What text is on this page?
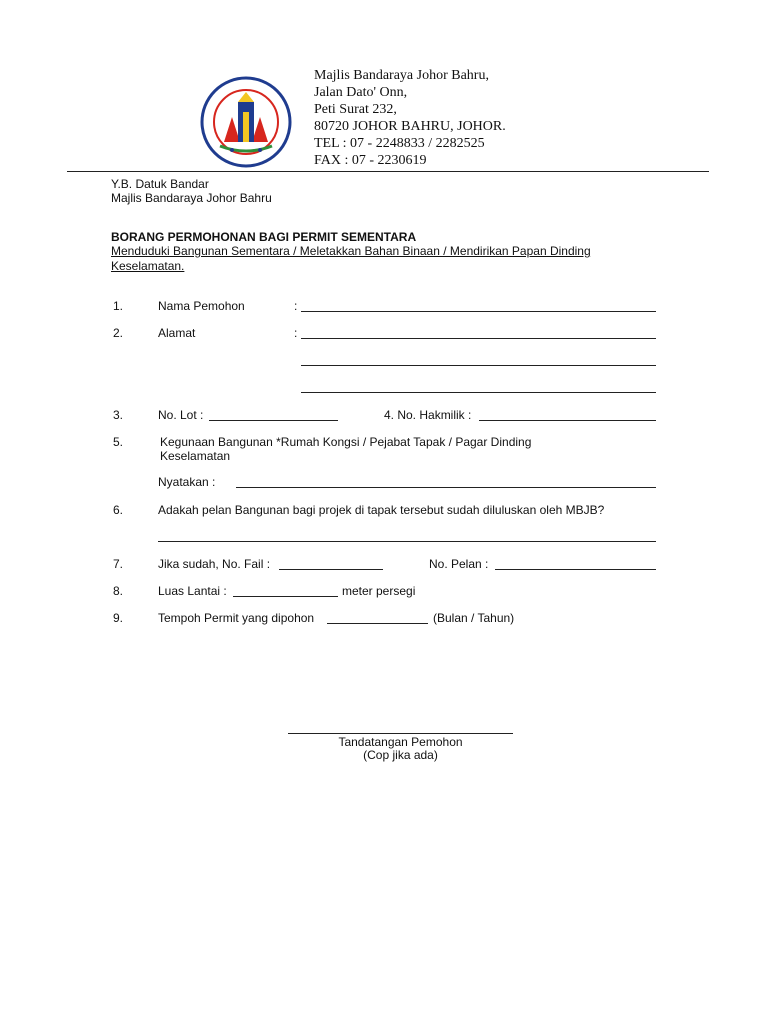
Majlis Bandaraya Johor Bahru,
Jalan Dato' Onn,
Peti Surat 232,
80720 JOHOR BAHRU, JOHOR.
TEL : 07 - 2248833 / 2282525
FAX : 07 - 2230619
Y.B. Datuk Bandar
Majlis Bandaraya Johor Bahru
BORANG PERMOHONAN BAGI PERMIT SEMENTARA
Menduduki Bangunan Sementara / Meletakkan Bahan Binaan / Mendirikan Papan Dinding
Keselamatan.
1.	Nama Pemohon	:
2.	Alamat	:
3.	No. Lot :	4. No. Hakmilik :
5.	Kegunaan Bangunan *Rumah Kongsi / Pejabat Tapak / Pagar Dinding
Keselamatan
Nyatakan :
6.	Adakah pelan Bangunan bagi projek di tapak tersebut sudah diluluskan oleh MBJB?
7.	Jika sudah, No. Fail :	No. Pelan :
8.	Luas Lantai :	meter persegi
9.	Tempoh Permit yang dipohon	(Bulan / Tahun)
Tandatangan Pemohon
(Cop jika ada)
